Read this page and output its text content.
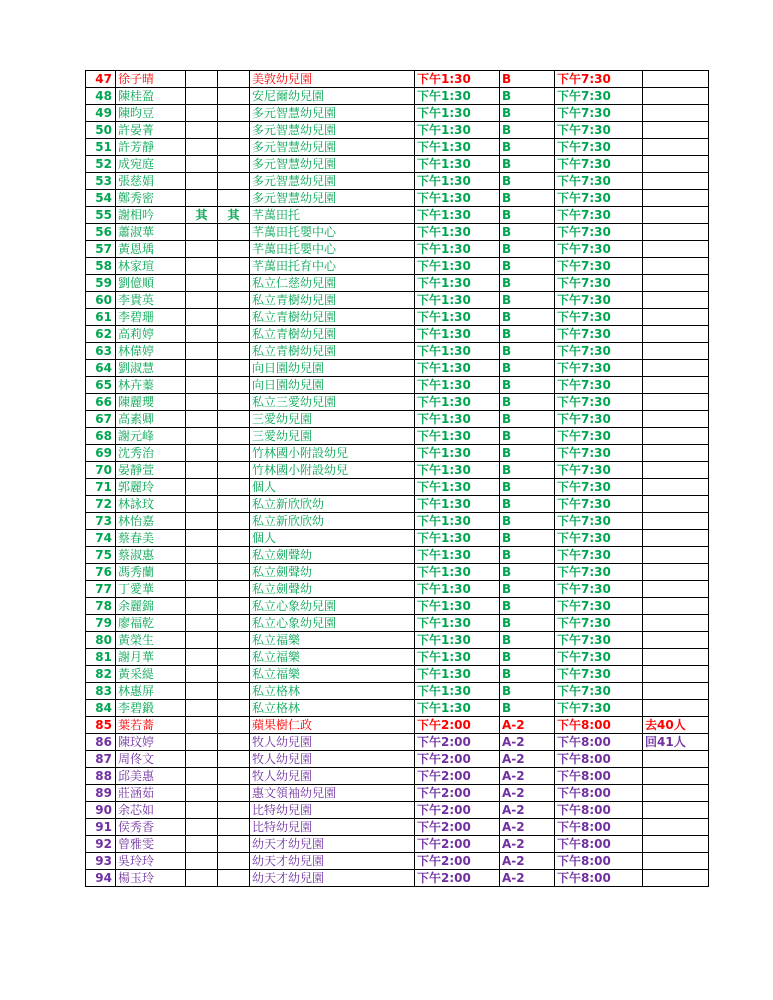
47	徐子晴			美敦幼兒園	下午1:30	B	下午7:30	
48	陳桂盈			安尼爾幼兒園	下午1:30	B	下午7:30	
49	陳昀豆			多元智慧幼兒園	下午1:30	B	下午7:30	
50	許晏菁			多元智慧幼兒園	下午1:30	B	下午7:30	
51	許芳靜			多元智慧幼兒園	下午1:30	B	下午7:30	
52	成宛庭			多元智慧幼兒園	下午1:30	B	下午7:30	
53	張慈娟			多元智慧幼兒園	下午1:30	B	下午7:30	
54	鄭秀密			多元智慧幼兒園	下午1:30	B	下午7:30	
55	謝相吟	其	其	芊萬田托	下午1:30	B	下午7:30	
56	蕭淑華			芊萬田托嬰中心	下午1:30	B	下午7:30	
57	黃恩瑀			芊萬田托嬰中心	下午1:30	B	下午7:30	
58	林家瑄			芊萬田托育中心	下午1:30	B	下午7:30	
59	劉億順			私立仁慈幼兒園	下午1:30	B	下午7:30	
60	李貴英			私立青樹幼兒園	下午1:30	B	下午7:30	
61	李碧珊			私立青樹幼兒園	下午1:30	B	下午7:30	
62	高莉婷			私立青樹幼兒園	下午1:30	B	下午7:30	
63	林偉婷			私立青樹幼兒園	下午1:30	B	下午7:30	
64	劉淑慧			向日園幼兒園	下午1:30	B	下午7:30	
65	林卉蓁			向日園幼兒園	下午1:30	B	下午7:30	
66	陳麗瓔			私立三愛幼兒園	下午1:30	B	下午7:30	
67	高素卿			三愛幼兒園	下午1:30	B	下午7:30	
68	謝元峰			三愛幼兒園	下午1:30	B	下午7:30	
69	沈秀治			竹林國小附設幼兒	下午1:30	B	下午7:30	
70	晏靜萱			竹林國小附設幼兒	下午1:30	B	下午7:30	
71	郭麗玲			個人	下午1:30	B	下午7:30	
72	林詠玟			私立新欣欣幼	下午1:30	B	下午7:30	
73	林怡嘉			私立新欣欣幼	下午1:30	B	下午7:30	
74	蔡春美			個人	下午1:30	B	下午7:30	
75	蔡淑惠			私立劍聲幼	下午1:30	B	下午7:30	
76	馮秀蘭			私立劍聲幼	下午1:30	B	下午7:30	
77	丁愛華			私立劍聲幼	下午1:30	B	下午7:30	
78	余麗錦			私立心象幼兒園	下午1:30	B	下午7:30	
79	廖福乾			私立心象幼兒園	下午1:30	B	下午7:30	
80	黃榮生			私立福樂	下午1:30	B	下午7:30	
81	謝月華			私立福樂	下午1:30	B	下午7:30	
82	黃采緹			私立福樂	下午1:30	B	下午7:30	
83	林惠屏			私立格林	下午1:30	B	下午7:30	
84	李碧鍛			私立格林	下午1:30	B	下午7:30	
85	葉若蕎			蘋果樹仁政	下午2:00	A-2	下午8:00	去40人
86	陳玟婷			牧人幼兒園	下午2:00	A-2	下午8:00	回41人
87	周佟文			牧人幼兒園	下午2:00	A-2	下午8:00	
88	邱美惠			牧人幼兒園	下午2:00	A-2	下午8:00	
89	莊涵茹			惠文領袖幼兒園	下午2:00	A-2	下午8:00	
90	余芯如			比特幼兒園	下午2:00	A-2	下午8:00	
91	侯秀香			比特幼兒園	下午2:00	A-2	下午8:00	
92	曾雅雯			幼天才幼兒園	下午2:00	A-2	下午8:00	
93	吳玲玲			幼天才幼兒園	下午2:00	A-2	下午8:00	
94	楊玉玲			幼天才幼兒園	下午2:00	A-2	下午8:00	
